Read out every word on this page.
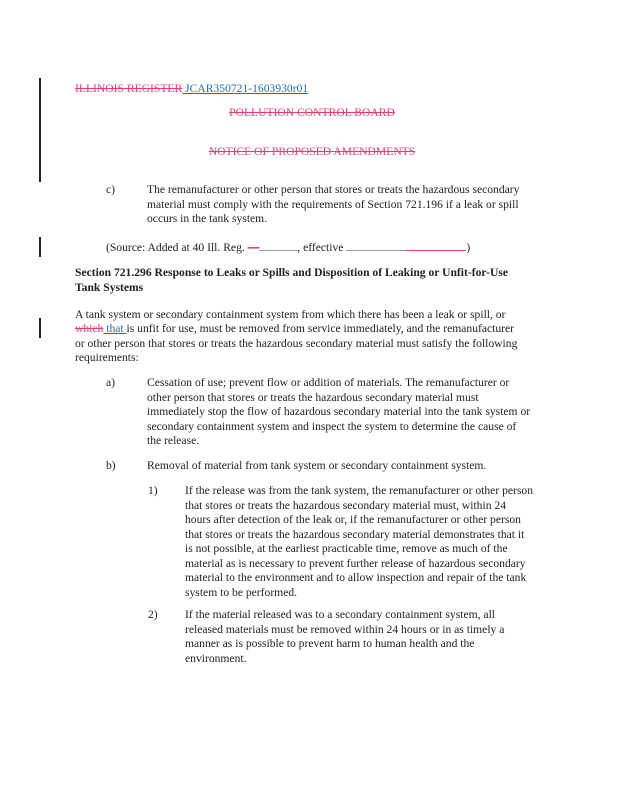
ILLINOIS REGISTER JCAR350721-1603930r01
POLLUTION CONTROL BOARD
NOTICE OF PROPOSED AMENDMENTS
(Source: Added at 40 Ill. Reg. —	, effective	)
Section 721.296 Response to Leaks or Spills and Disposition of Leaking or Unfit-for-Use
Tank Systems
A tank system or secondary containment system from which there has been a leak or spill, or
which that is unfit for use, must be removed from service immediately, and the remanufacturer
or other person that stores or treats the hazardous secondary material must satisfy the following
requirements:
c)	The remanufacturer or other person that stores or treats the hazardous secondary
material must comply with the requirements of Section 721.196 if a leak or spill
occurs in the tank system.
a)	Cessation of use; prevent flow or addition of materials. The remanufacturer or
other person that stores or treats the hazardous secondary material must
immediately stop the flow of hazardous secondary material into the tank system or
secondary containment system and inspect the system to determine the cause of
the release.
b)	Removal of material from tank system or secondary containment system.
1) If the release was from the tank system, the remanufacturer or other person
that stores or treats the hazardous secondary material must, within 24
hours after detection of the leak or, if the remanufacturer or other person
that stores or treats the hazardous secondary material demonstrates that it
is not possible, at the earliest practicable time, remove as much of the
material as is necessary to prevent further release of hazardous secondary
material to the environment and to allow inspection and repair of the tank
system to be performed.
2) If the material released was to a secondary containment system, all
released materials must be removed within 24 hours or in as timely a
manner as is possible to prevent harm to human health and the
environment.
